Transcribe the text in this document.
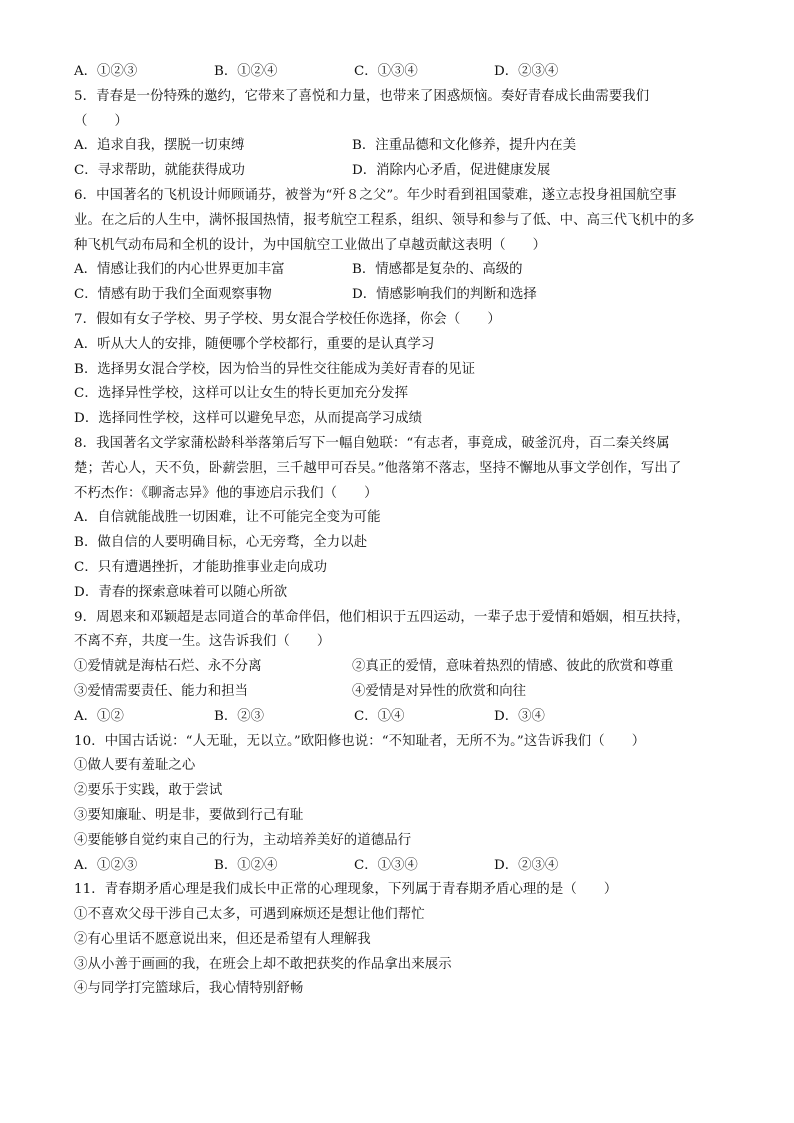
A．①②③	B．①②④	C．①③④	D．②③④
5．青春是一份特殊的邀约，它带来了喜悦和力量，也带来了困惑烦恼。奏好青春成长曲需要我们
（　　）
A．追求自我，摆脱一切束缚	B．注重品德和文化修养，提升内在美
C．寻求帮助，就能获得成功	D．消除内心矛盾，促进健康发展
6．中国著名的飞机设计师顾诵芬，被誉为“歼８之父”。年少时看到祖国蒙难，遂立志投身祖国航空事
业。在之后的人生中，满怀报国热情，报考航空工程系，组织、领导和参与了低、中、高三代飞机中的多
种飞机气动布局和全机的设计，为中国航空工业做出了卓越贡献这表明（　　）
A．情感让我们的内心世界更加丰富	B．情感都是复杂的、高级的
C．情感有助于我们全面观察事物	D．情感影响我们的判断和选择
7．假如有女子学校、男子学校、男女混合学校任你选择，你会（　　）
A．听从大人的安排，随便哪个学校都行，重要的是认真学习
B．选择男女混合学校，因为恰当的异性交往能成为美好青春的见证
C．选择异性学校，这样可以让女生的特长更加充分发挥
D．选择同性学校，这样可以避免早恋，从而提高学习成绩
8．我国著名文学家蒲松龄科举落第后写下一幅自勉联：“有志者，事竟成，破釜沉舟，百二秦关终属
楚；苦心人，天不负，卧薪尝胆，三千越甲可吞吴。”他落第不落志，坚持不懈地从事文学创作，写出了
不朽杰作：《聊斋志异》他的事迹启示我们（　　）
A．自信就能战胜一切困难，让不可能完全变为可能
B．做自信的人要明确目标，心无旁骛，全力以赴
C．只有遭遇挫折，才能助推事业走向成功
D．青春的探索意味着可以随心所欲
9．周恩来和邓颖超是志同道合的革命伴侣，他们相识于五四运动，一辈子忠于爱情和婚姻，相互扶持，
不离不弃，共度一生。这告诉我们（　　）
①爱情就是海枯石烂、永不分离	②真正的爱情，意味着热烈的情感、彼此的欣赏和尊重
③爱情需要责任、能力和担当	④爱情是对异性的欣赏和向往
A．①②	B．②③	C．①④	D．③④
10．中国古话说：“人无耻，无以立。”欧阳修也说：“不知耻者，无所不为。”这告诉我们（　　）
①做人要有羞耻之心
②要乐于实践，敢于尝试
③要知廉耻、明是非，要做到行己有耻
④要能够自觉约束自己的行为，主动培养美好的道德品行
A．①②③	B．①②④	C．①③④	D．②③④
11．青春期矛盾心理是我们成长中正常的心理现象，下列属于青春期矛盾心理的是（　　）
①不喜欢父母干涉自己太多，可遇到麻烦还是想让他们帮忙
②有心里话不愿意说出来，但还是希望有人理解我
③从小善于画画的我，在班会上却不敢把获奖的作品拿出来展示
④与同学打完篮球后，我心情特别舒畅
